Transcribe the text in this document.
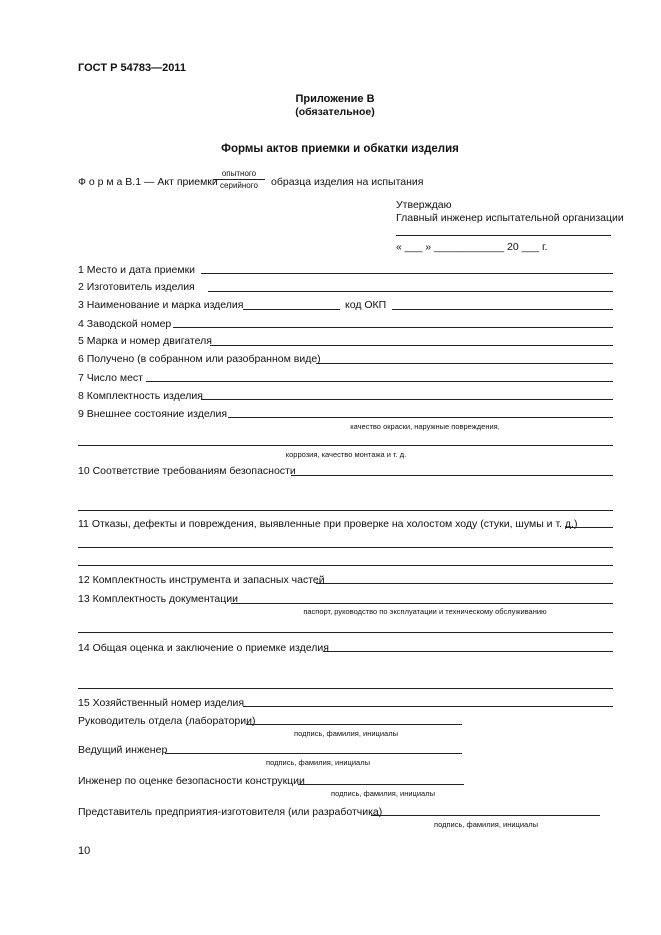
ГОСТ Р 54783—2011
Приложение В
(обязательное)
Формы актов приемки и обкатки изделия
Ф о р м а В.1 — Акт приемки
опытного
серийного	образца изделия на испытания
Утверждаю
Главный инженер испытательной организации
« ___ » ____________ 20 ___ г.
1 Место и дата приемки
2 Изготовитель изделия
3 Наименование и марка изделия	код ОКП
4 Заводской номер
5 Марка и номер двигателя
6 Получено (в собранном или разобранном виде)
7 Число мест
8 Комплектность изделия
9 Внешнее состояние изделия
качество окраски, наружные повреждения,
коррозия, качество монтажа и т. д.
10 Соответствие требованиям безопасности
11 Отказы, дефекты и повреждения, выявленные при проверке на холостом ходу (стуки, шумы и т. д.)
12 Комплектность инструмента и запасных частей
13 Комплектность документации
паспорт, руководство по эксплуатации и техническому обслуживанию
14 Общая оценка и заключение о приемке изделия
15 Хозяйственный номер изделия
Руководитель отдела (лаборатории)
подпись, фамилия, инициалы
Ведущий инженер
подпись, фамилия, инициалы
Инженер по оценке безопасности конструкции
подпись, фамилия, инициалы
Представитель предприятия-изготовителя (или разработчика)
подпись, фамилия, инициалы
10
